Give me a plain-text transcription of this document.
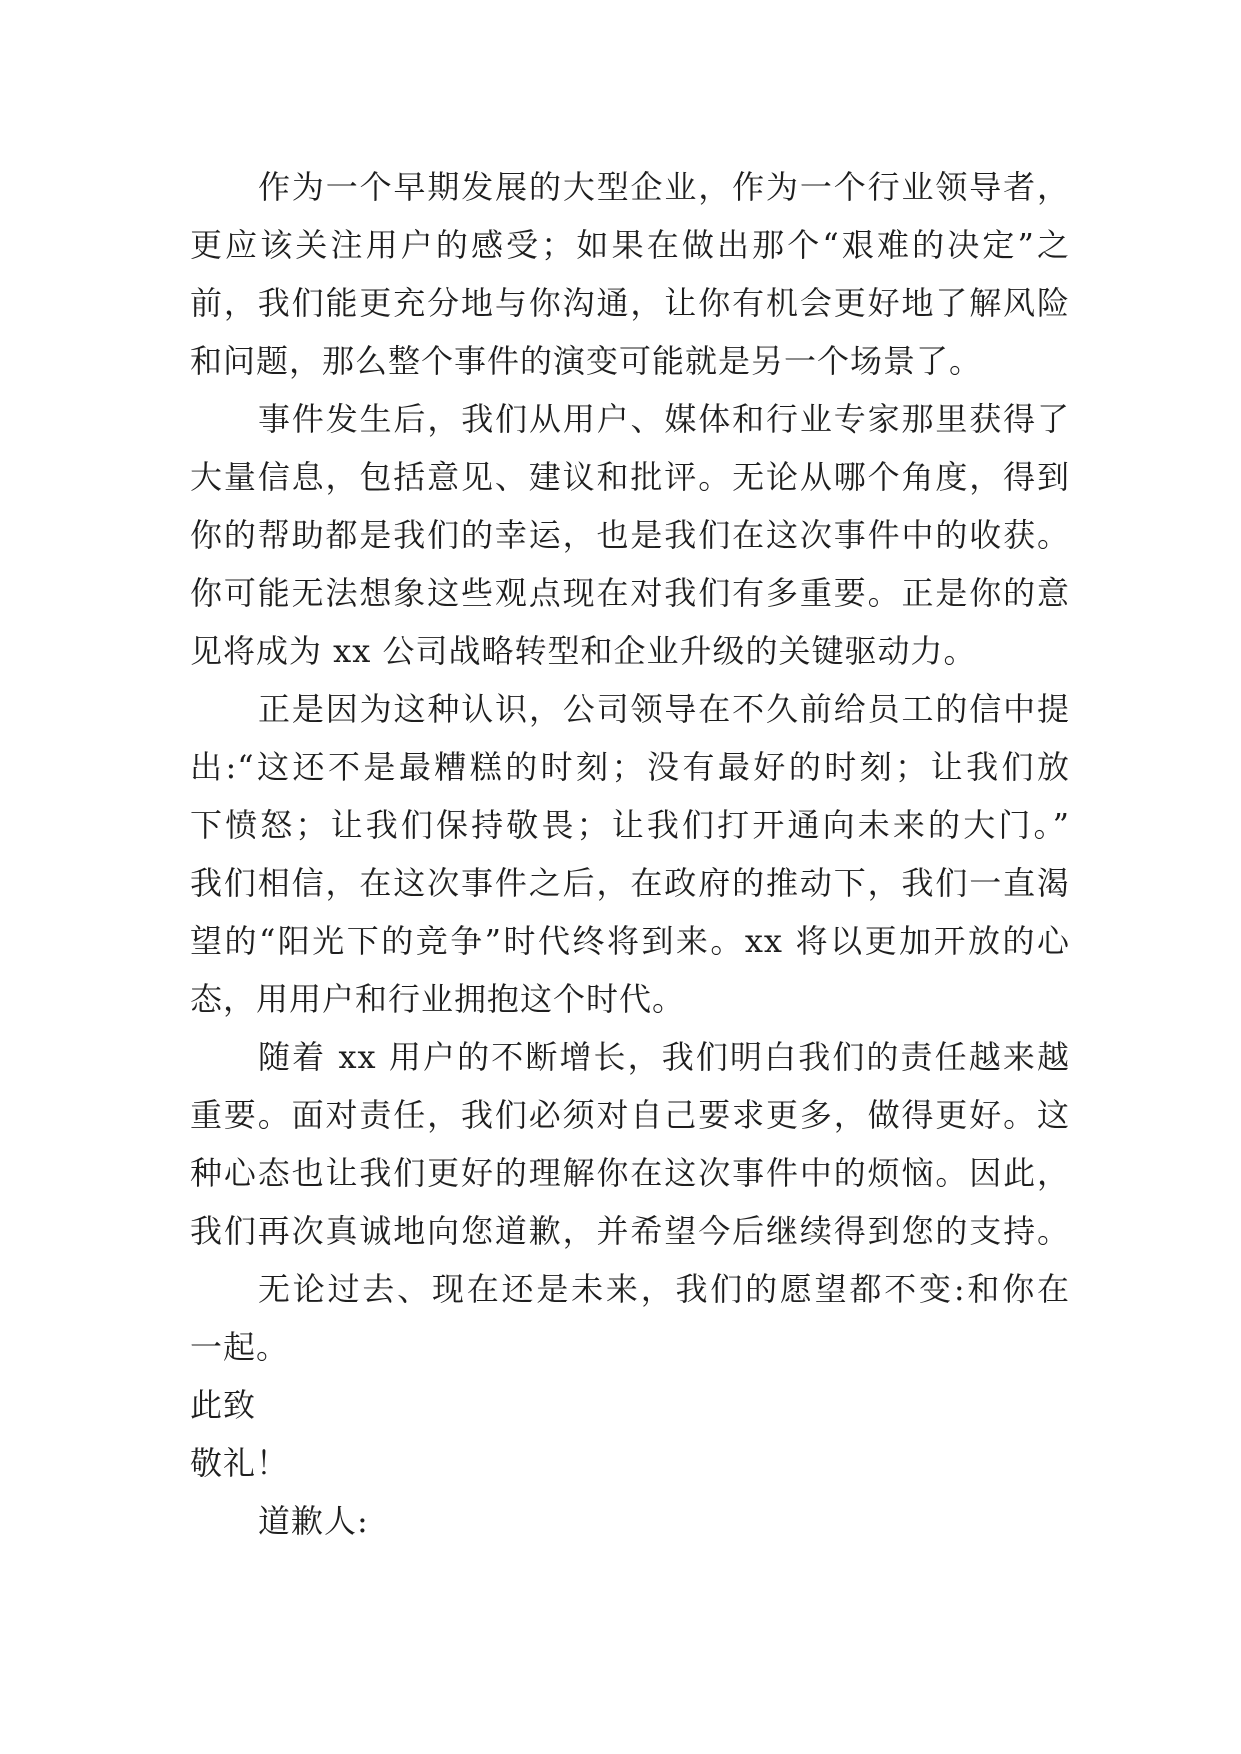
作为一个早期发展的大型企业，作为一个行业领导者，
更应该关注用户的感受；如果在做出那个“艰难的决定”之
前，我们能更充分地与你沟通，让你有机会更好地了解风险
和问题，那么整个事件的演变可能就是另一个场景了。
事件发生后，我们从用户、媒体和行业专家那里获得了
大量信息，包括意见、建议和批评。无论从哪个角度，得到
你的帮助都是我们的幸运，也是我们在这次事件中的收获。
你可能无法想象这些观点现在对我们有多重要。正是你的意
见将成为 xx 公司战略转型和企业升级的关键驱动力。
正是因为这种认识，公司领导在不久前给员工的信中提
出:“这还不是最糟糕的时刻；没有最好的时刻；让我们放
下愤怒；让我们保持敬畏；让我们打开通向未来的大门。”
我们相信，在这次事件之后，在政府的推动下，我们一直渴
望的“阳光下的竞争”时代终将到来。xx 将以更加开放的心
态，用用户和行业拥抱这个时代。
随着 xx 用户的不断增长，我们明白我们的责任越来越
重要。面对责任，我们必须对自己要求更多，做得更好。这
种心态也让我们更好的理解你在这次事件中的烦恼。因此，
我们再次真诚地向您道歉，并希望今后继续得到您的支持。
无论过去、现在还是未来，我们的愿望都不变:和你在
一起。
此致
敬礼！
道歉人:
